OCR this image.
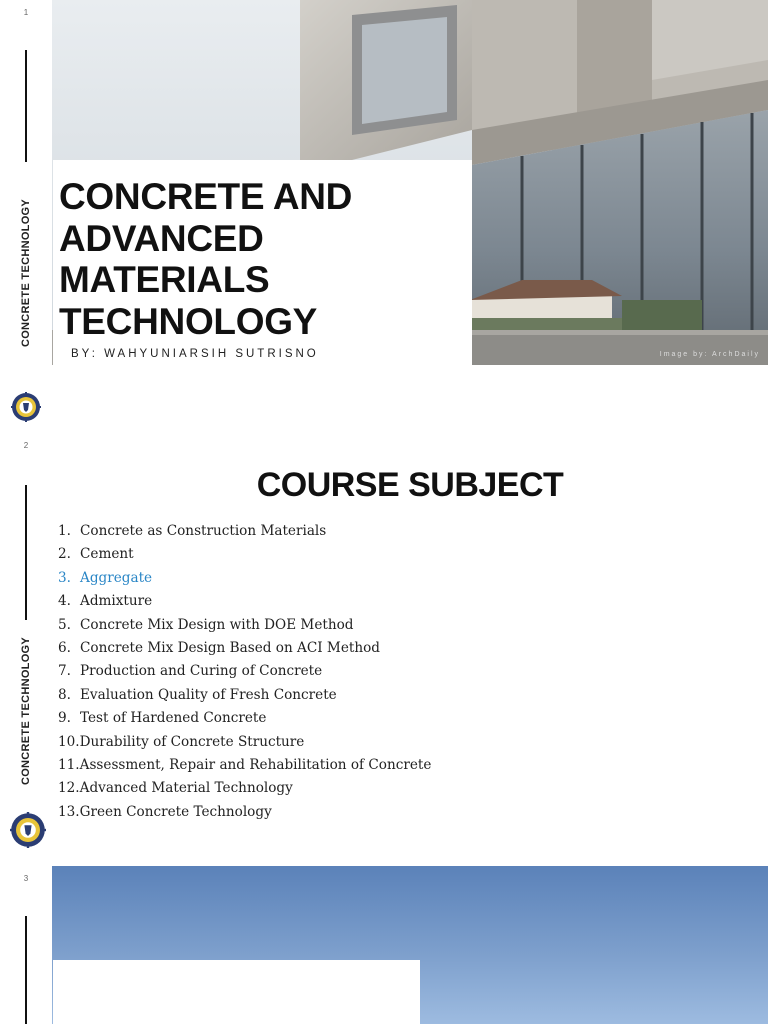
1
CONCRETE TECHNOLOGY
CONCRETE AND
ADVANCED
MATERIALS
TECHNOLOGY
BY: WAHYUNIARSIH SUTRISNO	Image by: ArchDaily
2
CONCRETE TECHNOLOGY
COURSE SUBJECT
1. Concrete as Construction Materials
2. Cement
3. Aggregate
4. Admixture
5. Concrete Mix Design with DOE Method
6. Concrete Mix Design Based on ACI Method
7. Production and Curing of Concrete
8. Evaluation Quality of Fresh Concrete
9. Test of Hardened Concrete
10.Durability of Concrete Structure
11.Assessment, Repair and Rehabilitation of Concrete
12.Advanced Material Technology
13.Green Concrete Technology
3
